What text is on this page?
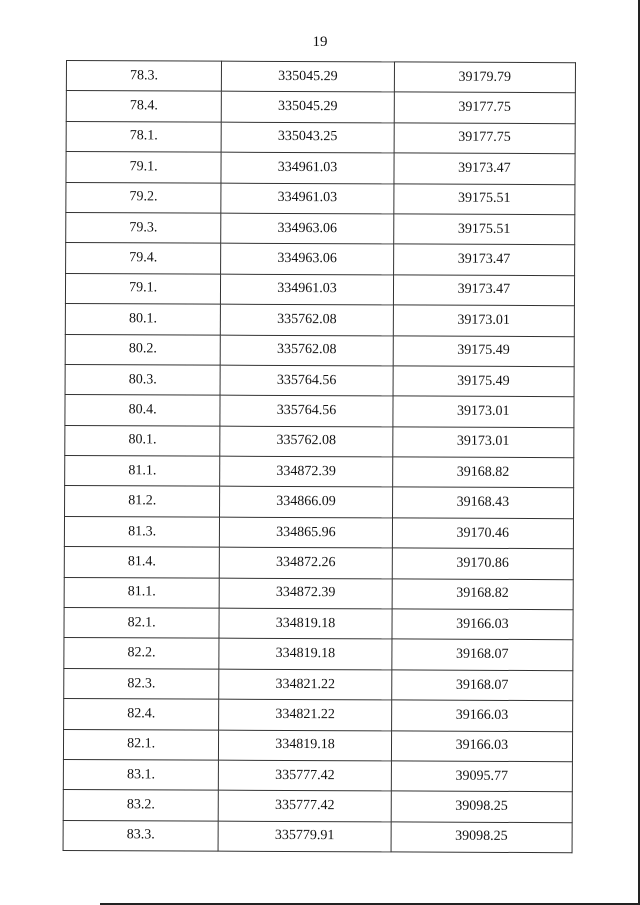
19
78.3.	335045.29	39179.79
78.4.	335045.29	39177.75
78.1.	335043.25	39177.75
79.1.	334961.03	39173.47
79.2.	334961.03	39175.51
79.3.	334963.06	39175.51
79.4.	334963.06	39173.47
79.1.	334961.03	39173.47
80.1.	335762.08	39173.01
80.2.	335762.08	39175.49
80.3.	335764.56	39175.49
80.4.	335764.56	39173.01
80.1.	335762.08	39173.01
81.1.	334872.39	39168.82
81.2.	334866.09	39168.43
81.3.	334865.96	39170.46
81.4.	334872.26	39170.86
81.1.	334872.39	39168.82
82.1.	334819.18	39166.03
82.2.	334819.18	39168.07
82.3.	334821.22	39168.07
82.4.	334821.22	39166.03
82.1.	334819.18	39166.03
83.1.	335777.42	39095.77
83.2.	335777.42	39098.25
83.3.	335779.91	39098.25
